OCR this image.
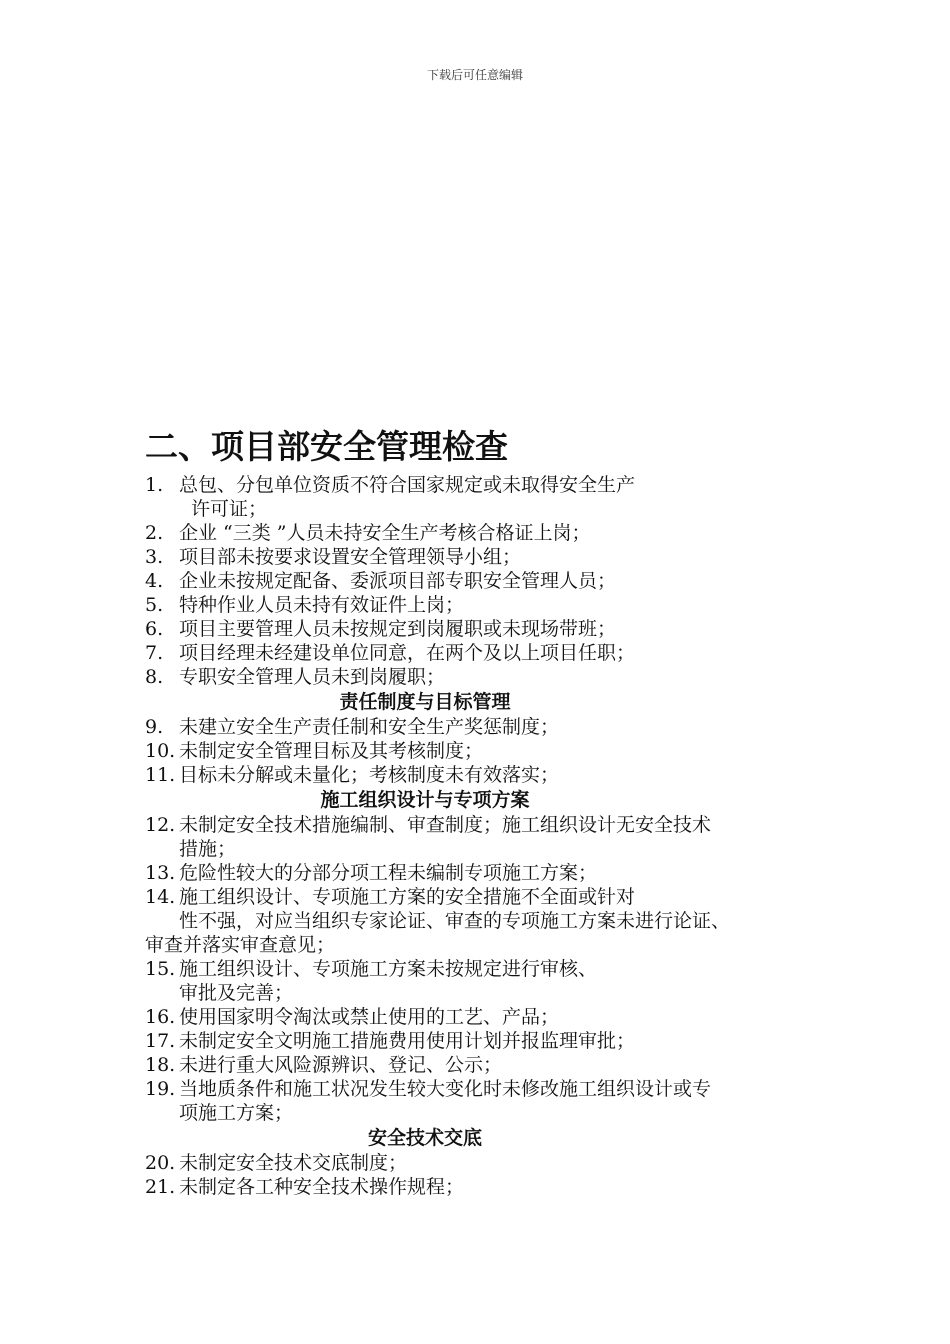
下载后可任意编辑
二、项目部安全管理检查
1. 总包、分包单位资质不符合国家规定或未取得安全生产
许可证；
2. 企业 “三类 ”人员未持安全生产考核合格证上岗；
3. 项目部未按要求设置安全管理领导小组；
4. 企业未按规定配备、委派项目部专职安全管理人员；
5. 特种作业人员未持有效证件上岗；
6. 项目主要管理人员未按规定到岗履职或未现场带班；
7. 项目经理未经建设单位同意，在两个及以上项目任职；
8. 专职安全管理人员未到岗履职；
责任制度与目标管理
9. 未建立安全生产责任制和安全生产奖惩制度；
10. 未制定安全管理目标及其考核制度；
11. 目标未分解或未量化；考核制度未有效落实；
施工组织设计与专项方案
12. 未制定安全技术措施编制、审查制度；施工组织设计无安全技术
措施；
13. 危险性较大的分部分项工程未编制专项施工方案；
14. 施工组织设计、专项施工方案的安全措施不全面或针对
性不强，对应当组织专家论证、审查的专项施工方案未进行论证、
审查并落实审查意见；
15. 施工组织设计、专项施工方案未按规定进行审核、
审批及完善；
16. 使用国家明令淘汰或禁止使用的工艺、产品；
17. 未制定安全文明施工措施费用使用计划并报监理审批；
18. 未进行重大风险源辨识、登记、公示；
19. 当地质条件和施工状况发生较大变化时未修改施工组织设计或专
项施工方案；
安全技术交底
20. 未制定安全技术交底制度；
21. 未制定各工种安全技术操作规程；
